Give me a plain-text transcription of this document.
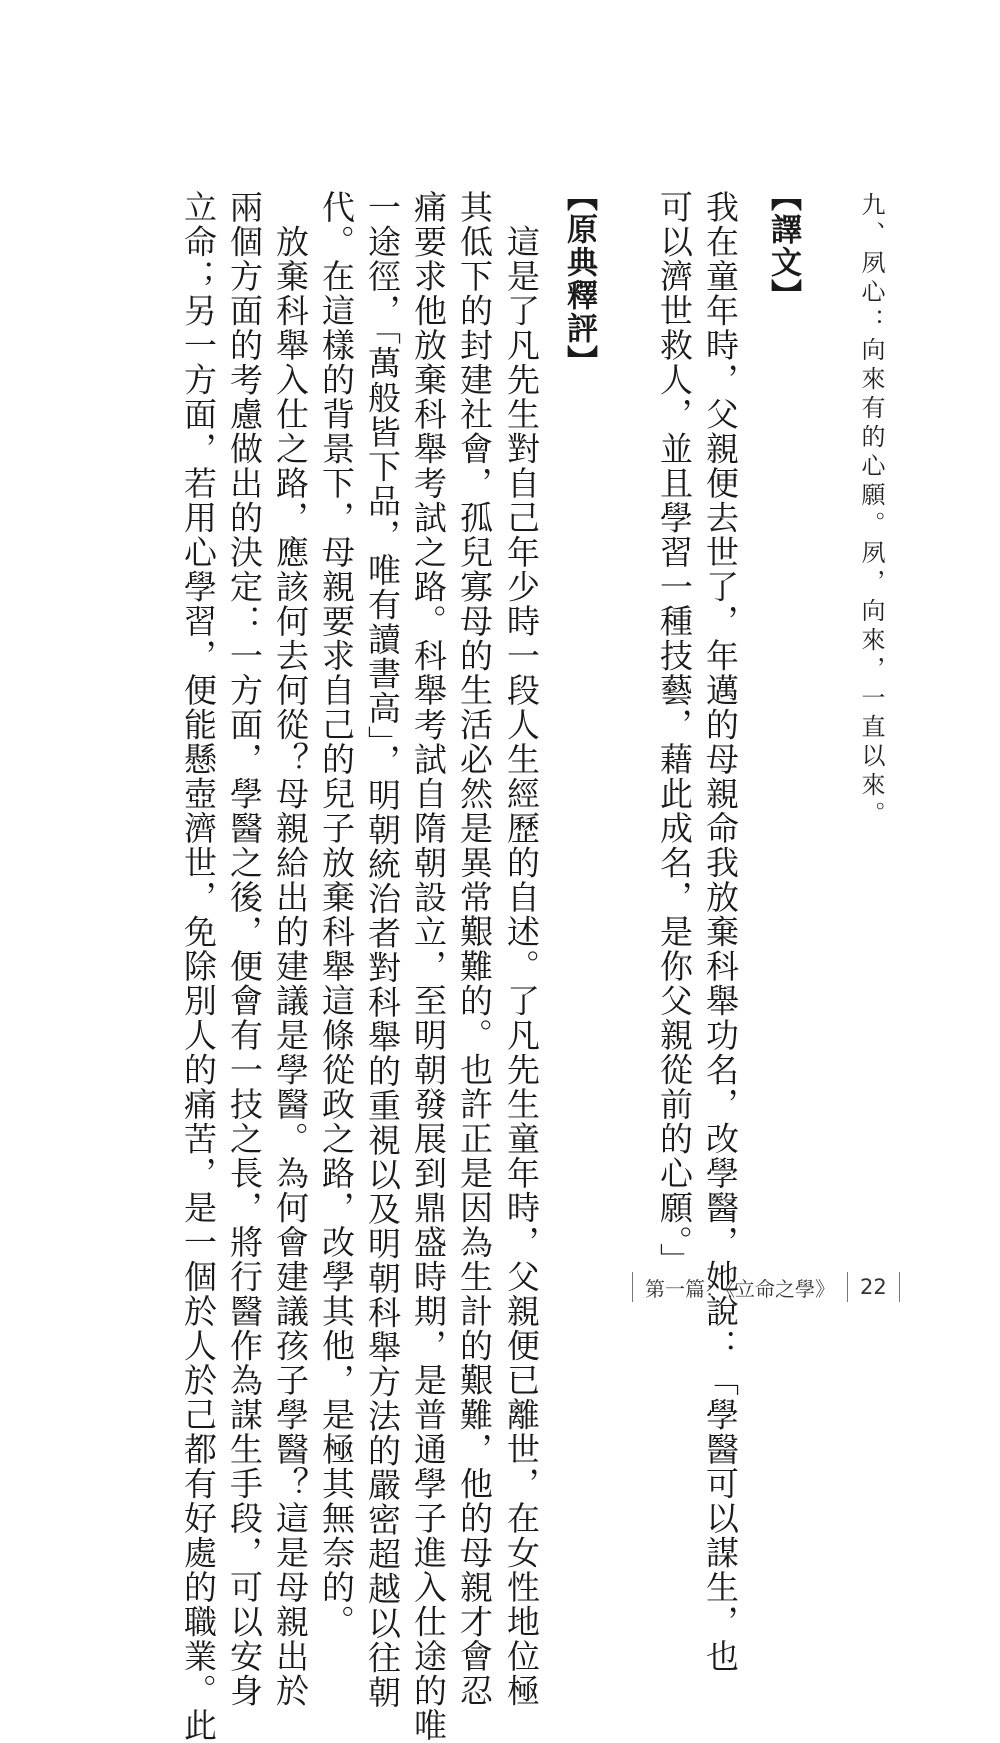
九、夙心：向來有的心願。夙，向來，一直以來。
【譯文】
我在童年時，父親便去世了，年邁的母親命我放棄科舉功名，改學醫，她說：「學醫可以謀生，也
可以濟世救人，並且學習一種技藝，藉此成名，是你父親從前的心願。」
【原典釋評】
　這是了凡先生對自己年少時一段人生經歷的自述。了凡先生童年時，父親便已離世，在女性地位極
其低下的封建社會，孤兒寡母的生活必然是異常艱難的。也許正是因為生計的艱難，他的母親才會忍
痛要求他放棄科舉考試之路。科舉考試自隋朝設立，至明朝發展到鼎盛時期，是普通學子進入仕途的唯
一途徑，「萬般皆下品，唯有讀書高」，明朝統治者對科舉的重視以及明朝科舉方法的嚴密超越以往朝
代。在這樣的背景下，母親要求自己的兒子放棄科舉這條從政之路，改學其他，是極其無奈的。
　放棄科舉入仕之路，應該何去何從？母親給出的建議是學醫。為何會建議孩子學醫？這是母親出於
兩個方面的考慮做出的決定：一方面，學醫之後，便會有一技之長，將行醫作為謀生手段，可以安身
立命；另一方面，若用心學習，便能懸壺濟世，免除別人的痛苦，是一個於人於己都有好處的職業。此	第一篇：《立命之學》 22
